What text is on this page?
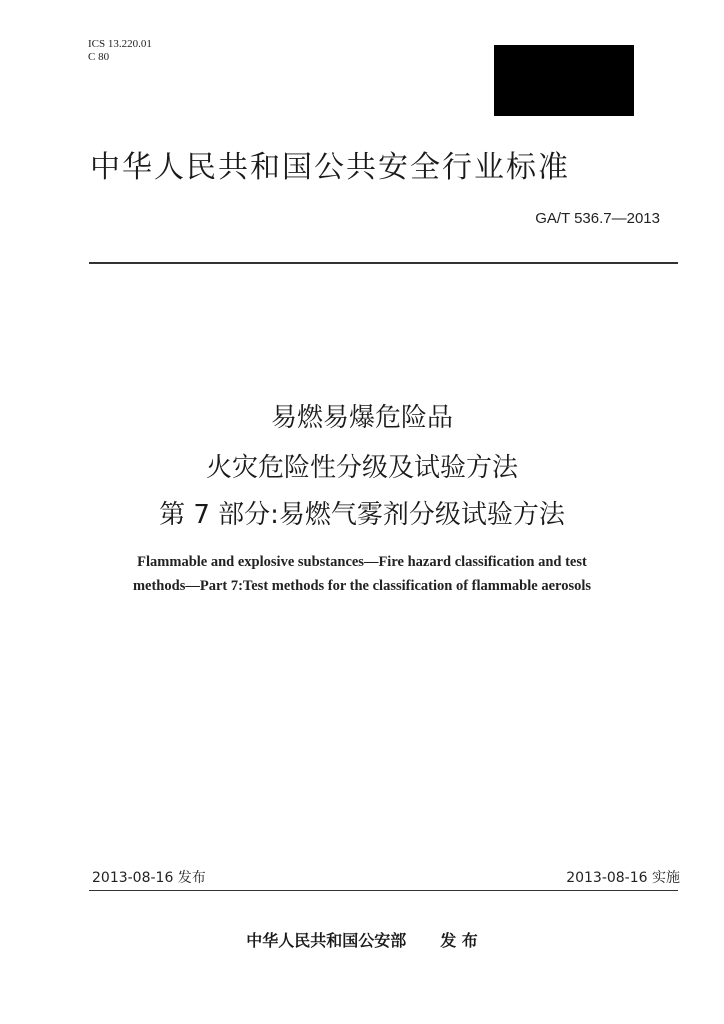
ICS 13.220.01
C 80
中华人民共和国公共安全行业标准
GA/T 536.7—2013
易燃易爆危险品
火灾危险性分级及试验方法
第 7 部分:易燃气雾剂分级试验方法
Flammable and explosive substances—Fire hazard classification and test
methods—Part 7:Test methods for the classification of flammable aerosols
2013-08-16 发布	2013-08-16 实施
中华人民共和国公安部 发 布
